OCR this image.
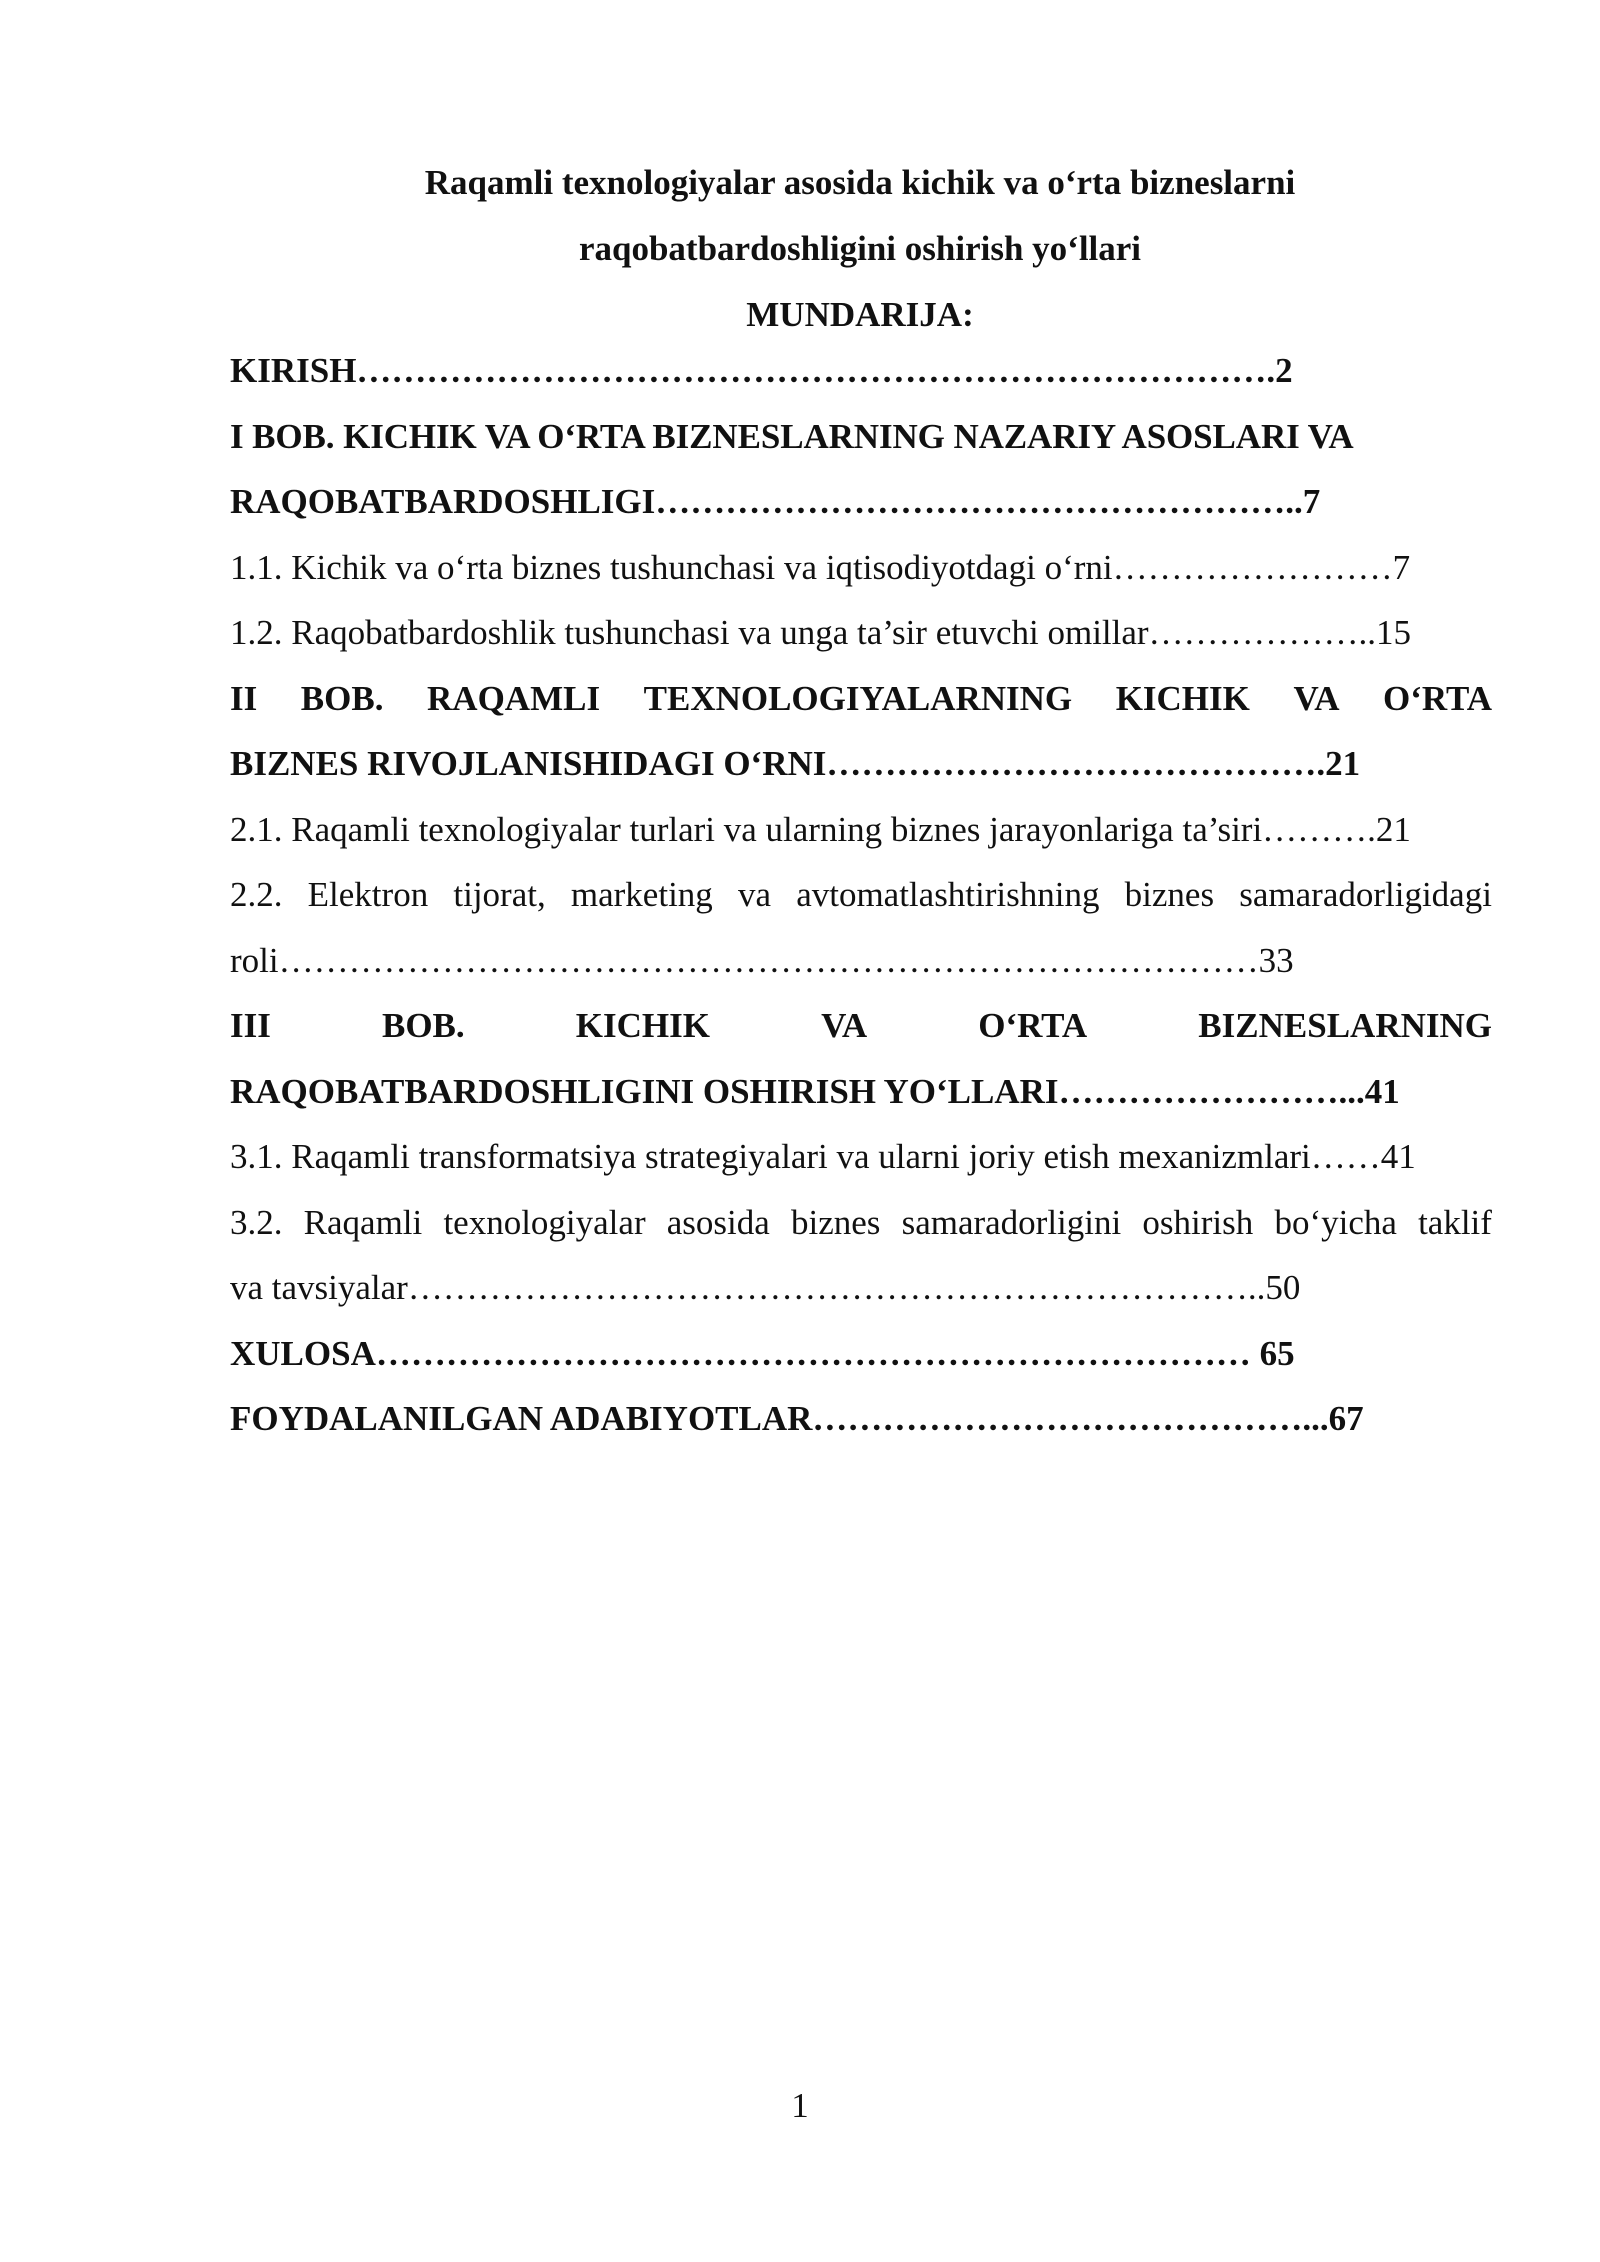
Raqamli texnologiyalar asosida kichik va o‘rta bizneslarni
raqobatbardoshligini oshirish yo‘llari
MUNDARIJA:
KIRISH…………………………………………………………………….2
I BOB. KICHIK VA O‘RTA BIZNESLARNING NAZARIY ASOSLARI VA
RAQOBATBARDOSHLIGI………………………………………………..7
1.1. Kichik va o‘rta biznes tushunchasi va iqtisodiyotdagi o‘rni……………………7
1.2. Raqobatbardoshlik tushunchasi va unga ta’sir etuvchi omillar………………..15
II BOB. RAQAMLI TEXNOLOGIYALARNING KICHIK VA O‘RTA
BIZNES RIVOJLANISHIDAGI O‘RNI…………………………………….21
2.1. Raqamli texnologiyalar turlari va ularning biznes jarayonlariga ta’siri……….21
2.2. Elektron tijorat, marketing va avtomatlashtirishning biznes samaradorligidagi
roli…………………………………………………………………………33
III	BOB.	KICHIK	VA	O‘RTA	BIZNESLARNING
RAQOBATBARDOSHLIGINI OSHIRISH YO‘LLARI……………………...41
3.1. Raqamli transformatsiya strategiyalari va ularni joriy etish mexanizmlari……41
3.2. Raqamli texnologiyalar asosida biznes samaradorligini oshirish bo‘yicha taklif
va tavsiyalar………………………………………………………………..50
XULOSA………………………………………………………………… 65
FOYDALANILGAN ADABIYOTLAR……………………………………...67
1
